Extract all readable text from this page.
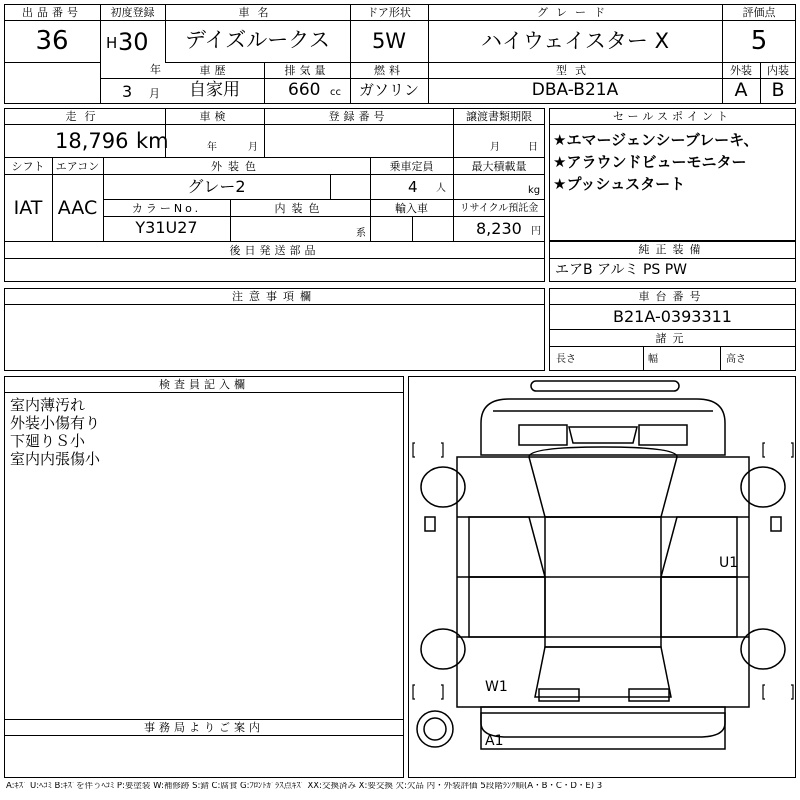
出品番号
36
初度登録
H 30
年
3 月
車名
デイズルークス
ドア形状
5W
グレード
ハイウェイスター X
評価点
5
車歴
自家用
排気量
660 cc
燃料
ガソリン
型式
DBA-B21A
外装
A
内装
B
走行
18,796 km
車検
年	月
登録番号	譲渡書類期限
月	日
シフト
IAT
エアコン
AAC
外装色
グレー2
乗車定員
4 人
最大積載量
kg
カラーNo.
Y31U27
内装色
系
輸入車	リサイクル預託金
8,230 円
後日発送部品
セールスポイント
★エマージェンシーブレーキ、
★アラウンドビューモニター
★プッシュスタート
純正装備
エアB アルミ PS PW
注意事項欄	車台番号
B21A-0393311
諸元
長さ	幅	高さ
検査員記入欄
室内薄汚れ
外装小傷有り
下廻りＳ小
室内内張傷小
事務局よりご案内
U1
W1
A1
A:ｷｽﾞ U:ﾍｺﾐ B:ｷｽﾞを伴うﾍｺﾐ P:要塗装 W:補修跡 S:錆 C:腐食 G:ﾌﾛﾝﾄｶﾞﾗｽ点ｷｽﾞ XX:交換済み X:要交換 欠:欠品 内・外装評価 5段階ﾗﾝｸ順(A・B・C・D・E) 3
